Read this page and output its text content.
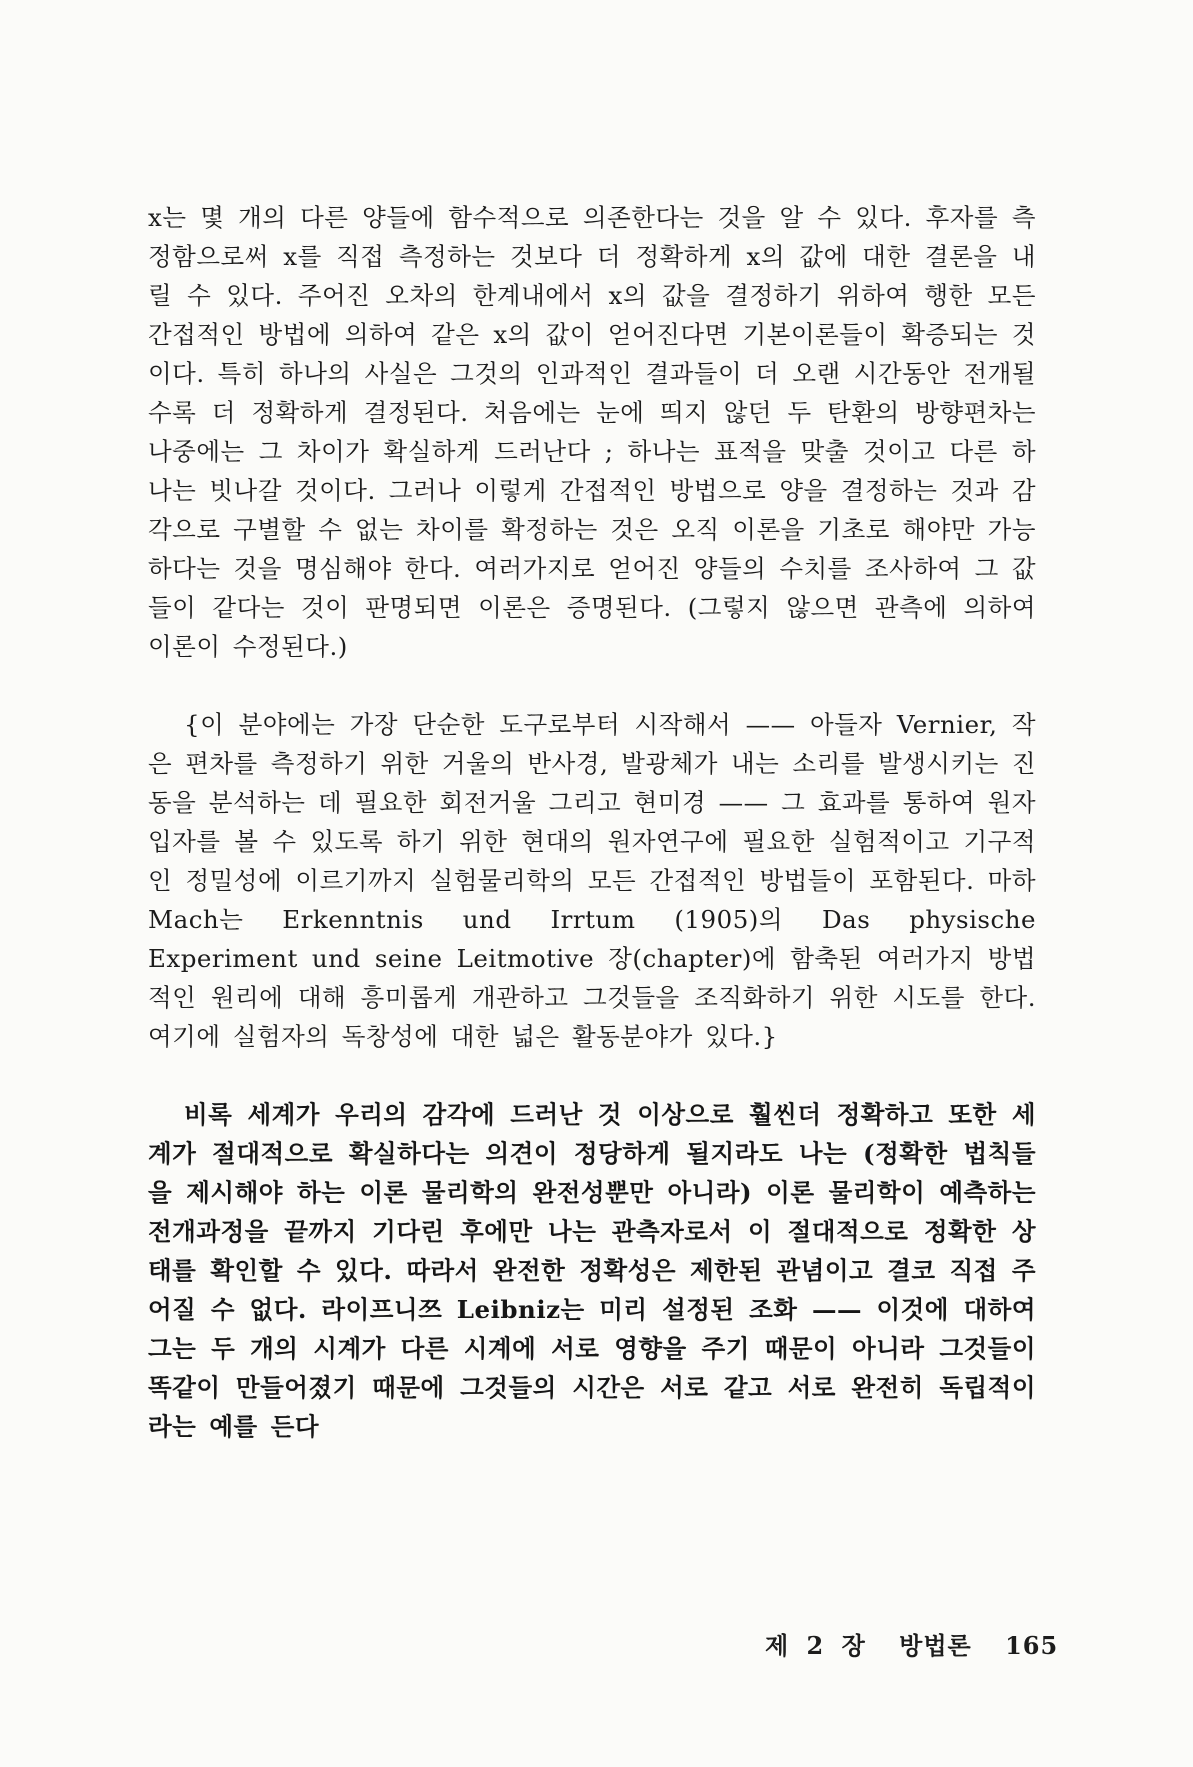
x는 몇 개의 다른 양들에 함수적으로 의존한다는 것을 알 수 있다. 후자를 측정함으로써 x를 직접 측정하는 것보다 더 정확하게 x의 값에 대한 결론을 내릴 수 있다. 주어진 오차의 한계내에서 x의 값을 결정하기 위하여 행한 모든 간접적인 방법에 의하여 같은 x의 값이 얻어진다면 기본이론들이 확증되는 것이다. 특히 하나의 사실은 그것의 인과적인 결과들이 더 오랜 시간동안 전개될수록 더 정확하게 결정된다. 처음에는 눈에 띄지 않던 두 탄환의 방향편차는 나중에는 그 차이가 확실하게 드러난다 ; 하나는 표적을 맞출 것이고 다른 하나는 빗나갈 것이다. 그러나 이렇게 간접적인 방법으로 양을 결정하는 것과 감각으로 구별할 수 없는 차이를 확정하는 것은 오직 이론을 기초로 해야만 가능하다는 것을 명심해야 한다. 여러가지로 얻어진 양들의 수치를 조사하여 그 값들이 같다는 것이 판명되면 이론은 증명된다. (그렇지 않으면 관측에 의하여 이론이 수정된다.)

{이 분야에는 가장 단순한 도구로부터 시작해서 —— 아들자 Vernier, 작은 편차를 측정하기 위한 거울의 반사경, 발광체가 내는 소리를 발생시키는 진동을 분석하는 데 필요한 회전거울 그리고 현미경 —— 그 효과를 통하여 원자입자를 볼 수 있도록 하기 위한 현대의 원자연구에 필요한 실험적이고 기구적인 정밀성에 이르기까지 실험물리학의 모든 간접적인 방법들이 포함된다. 마하 Mach는 Erkenntnis und Irrtum (1905)의 Das physische Experiment und seine Leitmotive 장(chapter)에 함축된 여러가지 방법적인 원리에 대해 흥미롭게 개관하고 그것들을 조직화하기 위한 시도를 한다. 여기에 실험자의 독창성에 대한 넓은 활동분야가 있다.}

비록 세계가 우리의 감각에 드러난 것 이상으로 훨씬더 정확하고 또한 세계가 절대적으로 확실하다는 의견이 정당하게 될지라도 나는 (정확한 법칙들을 제시해야 하는 이론 물리학의 완전성뿐만 아니라) 이론 물리학이 예측하는 전개과정을 끝까지 기다린 후에만 나는 관측자로서 이 절대적으로 정확한 상태를 확인할 수 있다. 따라서 완전한 정확성은 제한된 관념이고 결코 직접 주어질 수 없다. 라이프니쯔 Leibniz는 미리 설정된 조화 —— 이것에 대하여 그는 두 개의 시계가 다른 시계에 서로 영향을 주기 때문이 아니라 그것들이 똑같이 만들어졌기 때문에 그것들의 시간은 서로 같고 서로 완전히 독립적이라는 예를 든다

제 2 장 방법론 165
